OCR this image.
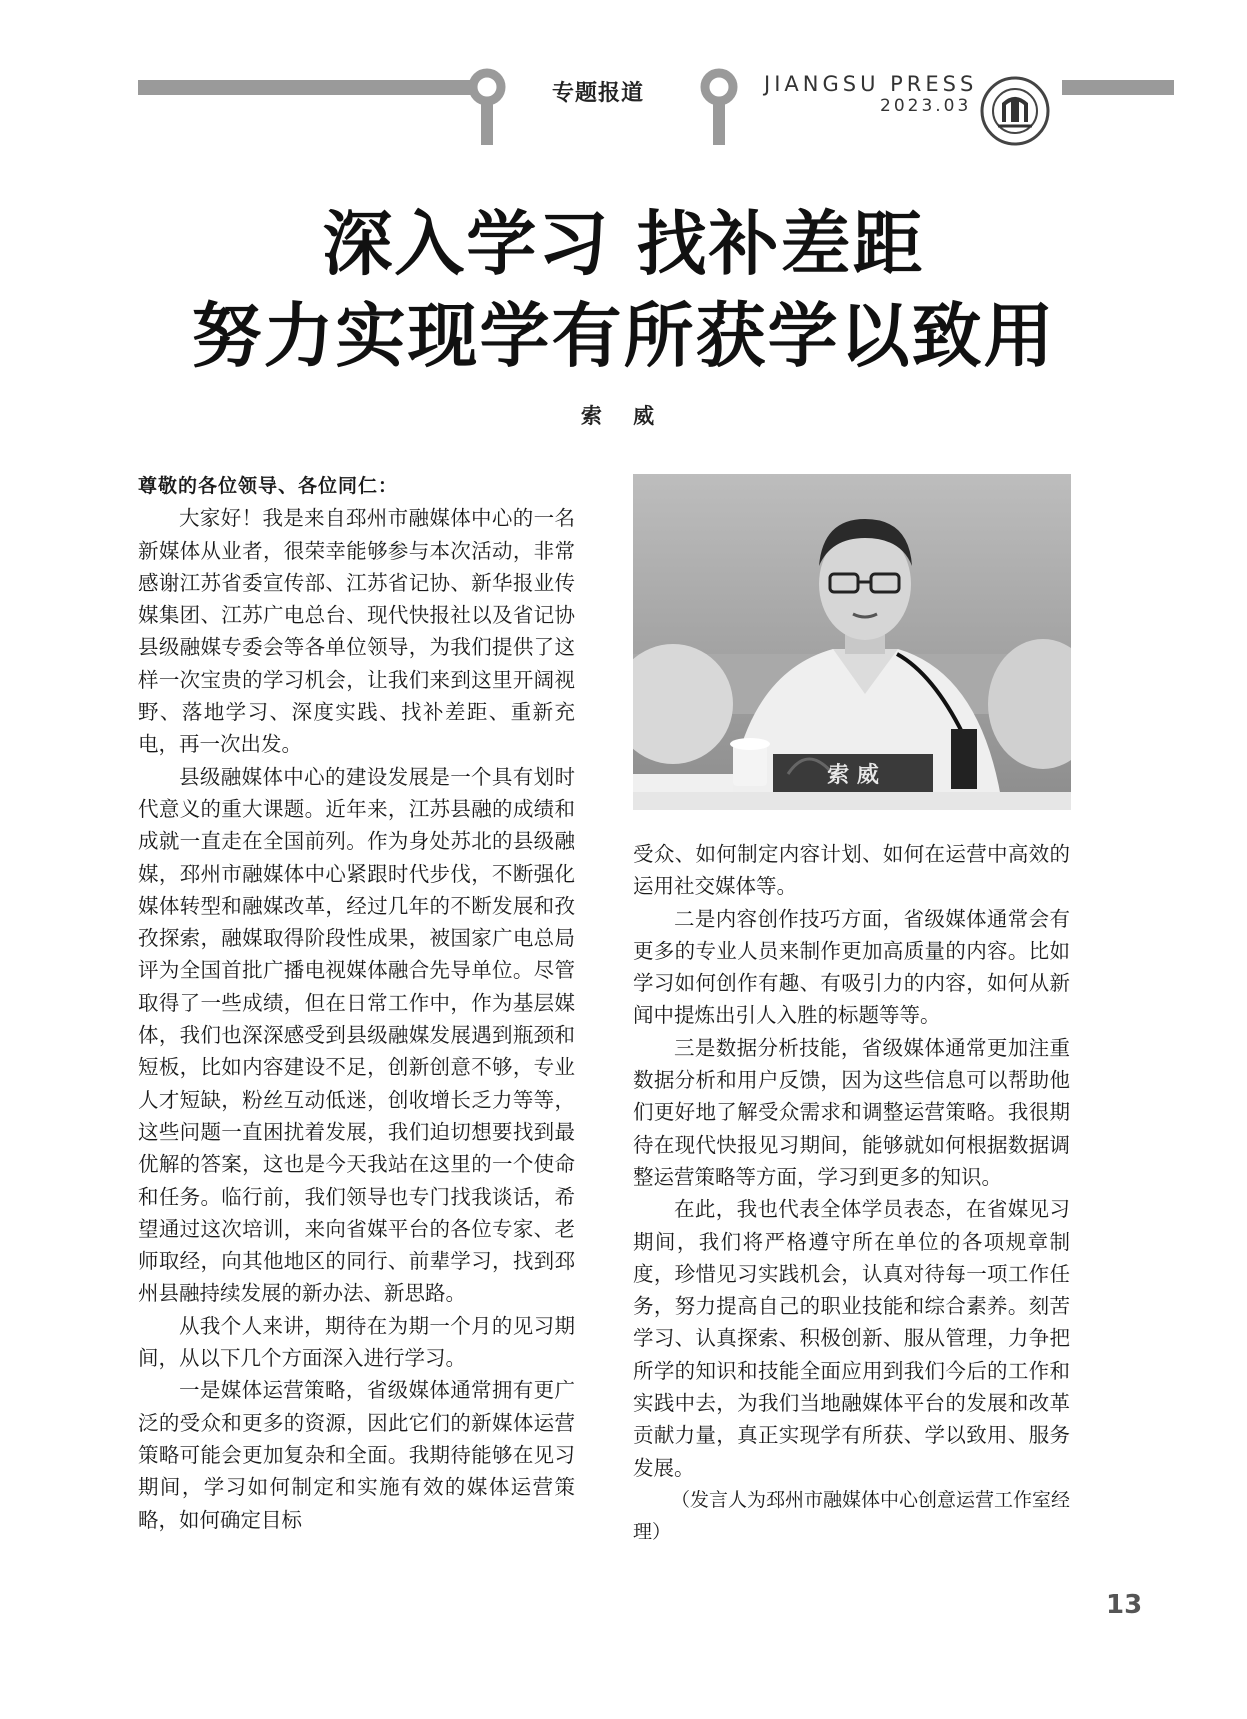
专题报道	JIANGSU PRESS
2023.03
深入学习 找补差距
努力实现学有所获学以致用
索 威

尊敬的各位领导、各位同仁：

大家好！我是来自邳州市融媒体中心的一名新媒体从业者，很荣幸能够参与本次活动，非常感谢江苏省委宣传部、江苏省记协、新华报业传媒集团、江苏广电总台、现代快报社以及省记协县级融媒专委会等各单位领导，为我们提供了这样一次宝贵的学习机会，让我们来到这里开阔视野、落地学习、深度实践、找补差距、重新充电，再一次出发。

县级融媒体中心的建设发展是一个具有划时代意义的重大课题。近年来，江苏县融的成绩和成就一直走在全国前列。作为身处苏北的县级融媒，邳州市融媒体中心紧跟时代步伐，不断强化媒体转型和融媒改革，经过几年的不断发展和孜孜探索，融媒取得阶段性成果，被国家广电总局评为全国首批广播电视媒体融合先导单位。尽管取得了一些成绩，但在日常工作中，作为基层媒体，我们也深深感受到县级融媒发展遇到瓶颈和短板，比如内容建设不足，创新创意不够，专业人才短缺，粉丝互动低迷，创收增长乏力等等，这些问题一直困扰着发展，我们迫切想要找到最优解的答案，这也是今天我站在这里的一个使命和任务。临行前，我们领导也专门找我谈话，希望通过这次培训，来向省媒平台的各位专家、老师取经，向其他地区的同行、前辈学习，找到邳州县融持续发展的新办法、新思路。

从我个人来讲，期待在为期一个月的见习期间，从以下几个方面深入进行学习。

一是媒体运营策略，省级媒体通常拥有更广泛的受众和更多的资源，因此它们的新媒体运营策略可能会更加复杂和全面。我期待能够在见习期间，学习如何制定和实施有效的媒体运营策略，如何确定目标

索 威

受众、如何制定内容计划、如何在运营中高效的运用社交媒体等。

二是内容创作技巧方面，省级媒体通常会有更多的专业人员来制作更加高质量的内容。比如学习如何创作有趣、有吸引力的内容，如何从新闻中提炼出引人入胜的标题等等。

三是数据分析技能，省级媒体通常更加注重数据分析和用户反馈，因为这些信息可以帮助他们更好地了解受众需求和调整运营策略。我很期待在现代快报见习期间，能够就如何根据数据调整运营策略等方面，学习到更多的知识。

在此，我也代表全体学员表态，在省媒见习期间，我们将严格遵守所在单位的各项规章制度，珍惜见习实践机会，认真对待每一项工作任务，努力提高自己的职业技能和综合素养。刻苦学习、认真探索、积极创新、服从管理，力争把所学的知识和技能全面应用到我们今后的工作和实践中去，为我们当地融媒体平台的发展和改革贡献力量，真正实现学有所获、学以致用、服务发展。

（发言人为邳州市融媒体中心创意运营工作室经理）

13
